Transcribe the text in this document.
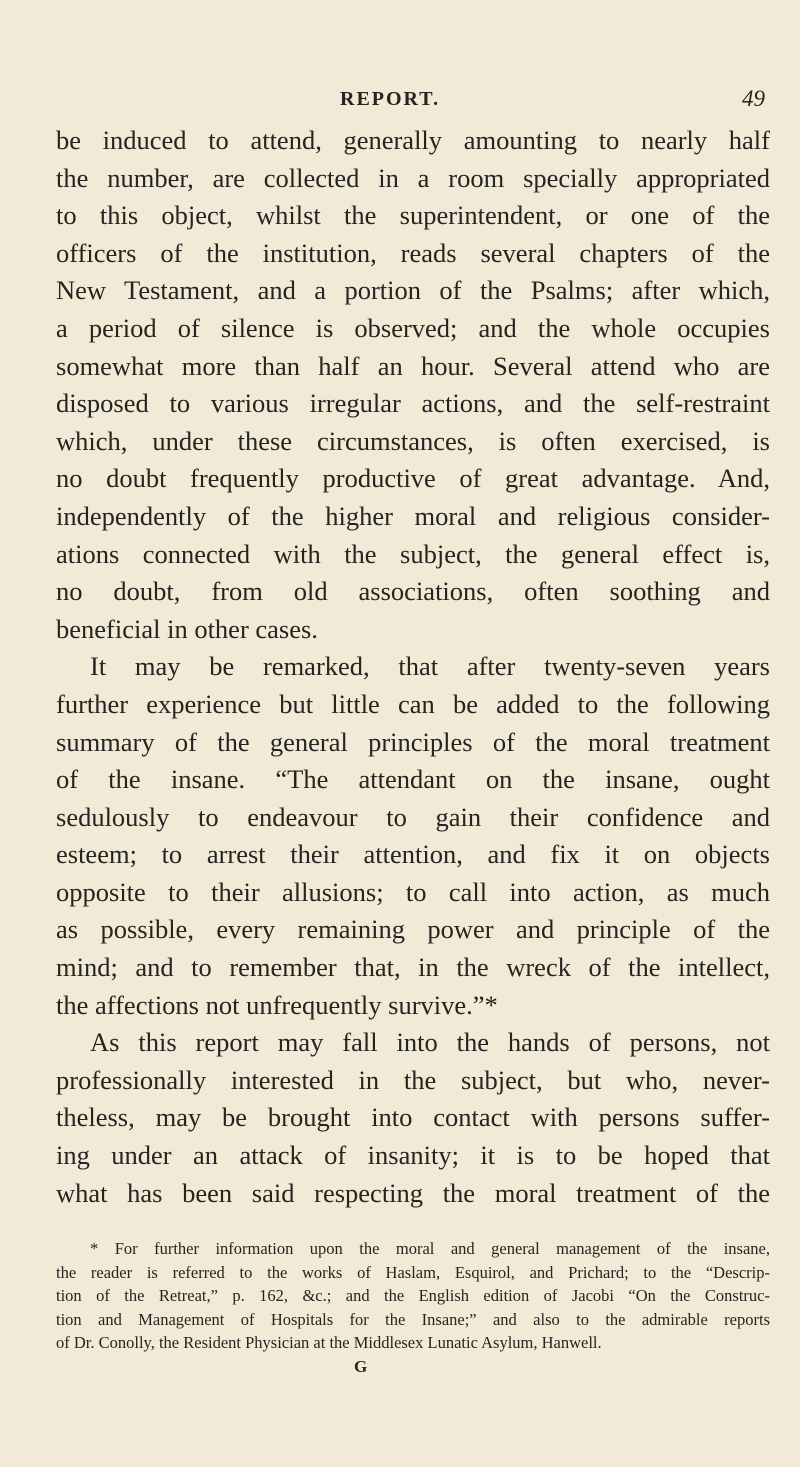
REPORT.	49
be induced to attend, generally amounting to nearly half
the number, are collected in a room specially appropriated
to this object, whilst the superintendent, or one of the
officers of the institution, reads several chapters of the
New Testament, and a portion of the Psalms; after which,
a period of silence is observed; and the whole occupies
somewhat more than half an hour. Several attend who are
disposed to various irregular actions, and the self-restraint
which, under these circumstances, is often exercised, is
no doubt frequently productive of great advantage. And,
independently of the higher moral and religious consider-
ations connected with the subject, the general effect is,
no doubt, from old associations, often soothing and
beneficial in other cases.
It may be remarked, that after twenty-seven years
further experience but little can be added to the following
summary of the general principles of the moral treatment
of the insane. “The attendant on the insane, ought
sedulously to endeavour to gain their confidence and
esteem; to arrest their attention, and fix it on objects
opposite to their allusions; to call into action, as much
as possible, every remaining power and principle of the
mind; and to remember that, in the wreck of the intellect,
the affections not unfrequently survive.”*
As this report may fall into the hands of persons, not
professionally interested in the subject, but who, never-
theless, may be brought into contact with persons suffer-
ing under an attack of insanity; it is to be hoped that
what has been said respecting the moral treatment of the
* For further information upon the moral and general management of the insane,
the reader is referred to the works of Haslam, Esquirol, and Prichard; to the “Descrip-
tion of the Retreat,” p. 162, &c.; and the English edition of Jacobi “On the Construc-
tion and Management of Hospitals for the Insane;” and also to the admirable reports
of Dr. Conolly, the Resident Physician at the Middlesex Lunatic Asylum, Hanwell.
G
